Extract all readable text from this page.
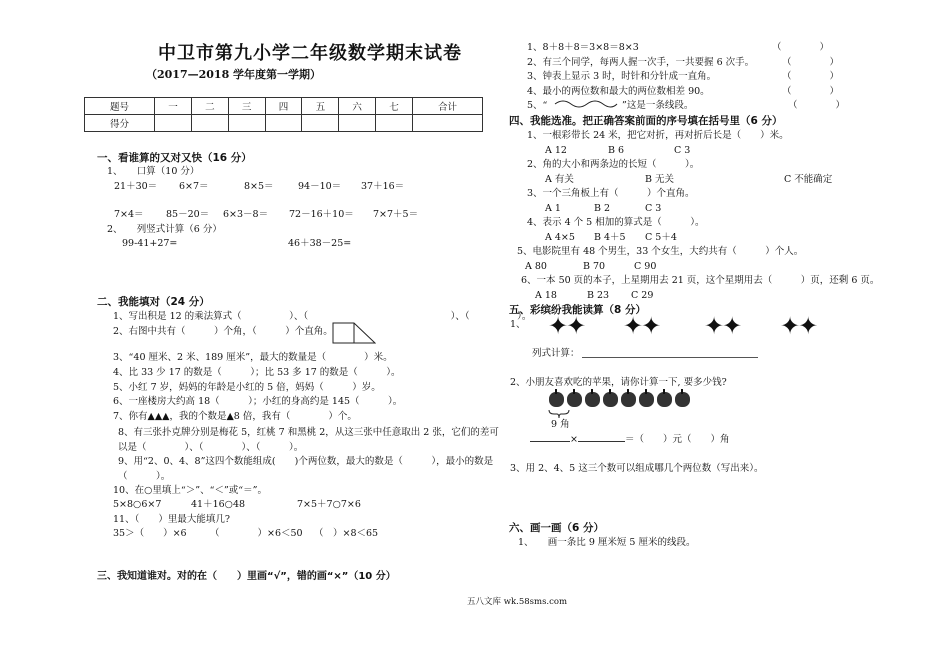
中卫市第九小学二年级数学期末试卷
（2017—2018 学年度第一学期）
题号	一	二	三	四	五	六	七	合计
得分								
一、看谁算的又对又快（16 分）
1、　　口算（10 分）
21＋30＝ 6×7＝	8×5＝	94－10＝ 37＋16＝
7×4＝ 85－20＝ 6×3－8＝ 72－16＋10＝ 7×7＋5＝
2、　　列竖式计算（6 分）
99-41+27=	46＋38－25=
二、我能填对（24 分）
1、写出积是 12 的乘法算式（　　　　　）、（　　　　　　　　　　　　　　　）、（　　　　　）。
2、右图中共有（　　　）个角，（　　　）个直角。
3、“40 厘米、2 米、189 厘米”，最大的数量是（　　　　）米。
4、比 33 少 17 的数是（　　　）；比 53 多 17 的数是（　　　）。
5、小红 7 岁，妈妈的年龄是小红的 5 倍，妈妈（　　　）岁。
6、一座楼房大约高 18（　　　）；小红的身高约是 145（　　　）。
7、你有▲▲▲，我的个数是▲8 倍，我有（　　　　）个。
8、有三张扑克牌分别是梅花 5，红桃 7 和黑桃 2，从这三张中任意取出 2 张，它们的差可以是（　　　　）、（　　　　）、（　　　）。
9、用“2、0、4、8”这四个数能组成(　　)个两位数，最大的数是（　　　），最小的数是（　　　）。
10、在○里填上“＞”、“＜”或“＝”。
5×8○6×7	41＋16○48	7×5＋7○7×6
11、（　　）里最大能填几?
35＞（　　）×6 （　　　　）×6＜50 （　）×8＜65
三、我知道谁对。对的在（　　）里画“√”，错的画“×”（10 分）
1、8＋8＋8＝3×8＝8×3	（　　　　）
2、有三个同学，每两人握一次手，一共要握 6 次手。	（　　　　）
3、钟表上显示 3 时，时针和分针成一直角。	（　　　　）
4、最小的两位数和最大的两位数相差 90。	（　　　　）
5、“	”这是一条线段。	（　　　　）
四、我能选准。把正确答案前面的序号填在括号里（6 分）
1、一根彩带长 24 米，把它对折，再对折后长是（　　）米。
A 12	B 6	C 3
2、角的大小和两条边的长短（　　　）。
A 有关	B 无关	C 不能确定
3、一个三角板上有（　　　）个直角。
A 1	B 2	C 3
4、表示 4 个 5 相加的算式是（　　　）。
A 4×5 B 4＋5 C 5＋4
5、电影院里有 48 个男生，33 个女生，大约共有（　　　）个人。
A 80	B 70	C 90
6、一本 50 页的本子，上星期用去 21 页，这个星期用去（　　　）页，还剩 6 页。
A 18	B 23 C 29
五、彩缤纷我能读算（8 分）
1、 ✦✦ ✦✦ ✦✦ ✦✦
列式计算：
2、小朋友喜欢吃的苹果，请你计算一下, 要多少钱?
9 角
×	＝（　　）元（　　）角
3、用 2、4、5 这三个数可以组成哪几个两位数（写出来）。
六、画一画（6 分）
1、　　画一条比 9 厘米短 5 厘米的线段。
五八文库 wk.58sms.com
